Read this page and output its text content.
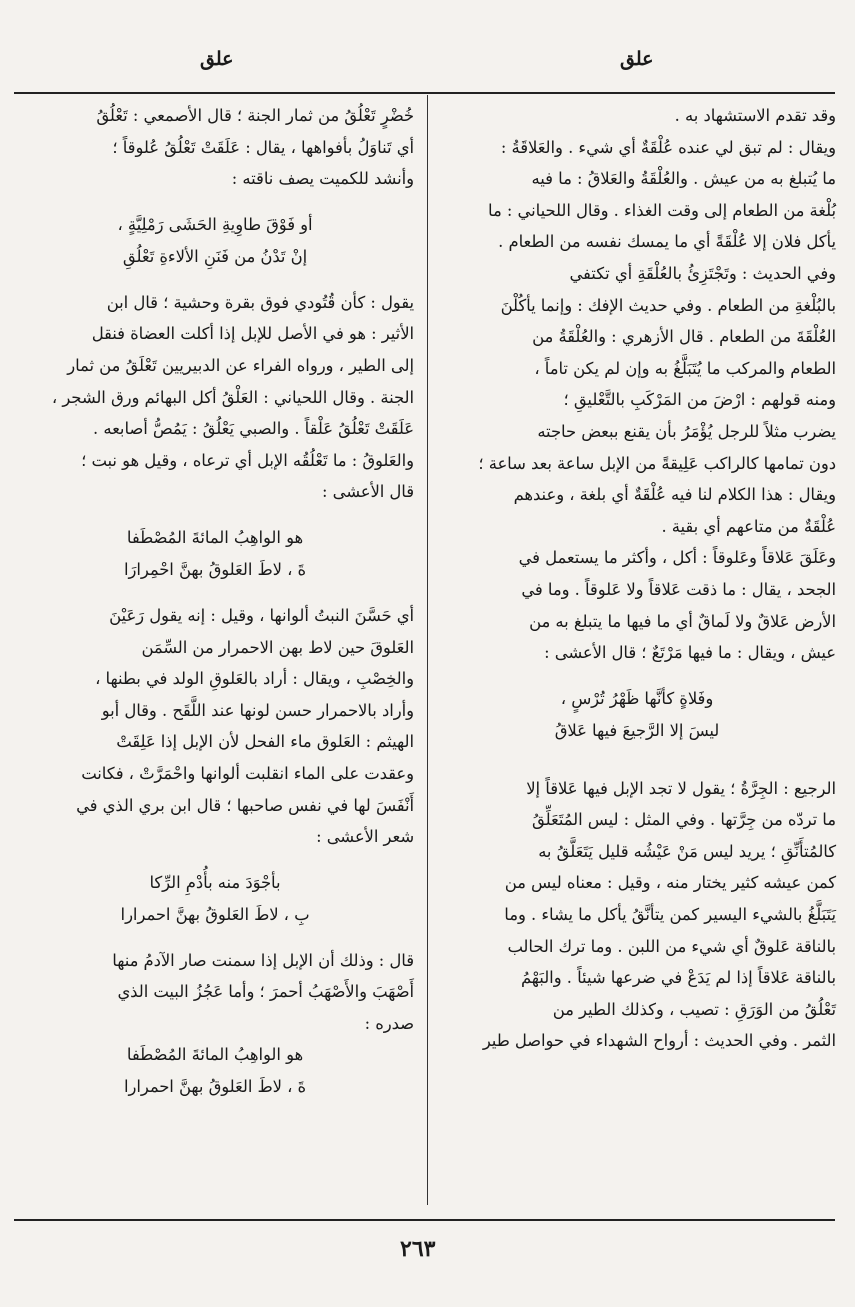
علق	علق

وقد تقدم الاستشهاد به .

ويقال : لم تبق لي عنده عُلْقَةٌ أي شيء . والعَلاقَةُ :

ما يُتبلغ به من عيش . والعُلْقَةُ والعَلاقُ : ما فيه

بُلْغة من الطعام إلى وقت الغذاء . وقال اللحياني : ما

يأكل فلان إلا عُلْقَةً أي ما يمسك نفسه من الطعام .

وفي الحديث : وتَجْتَزِئُ بالعُلْقَةِ أي تكتفي

بالبُلْغةِ من الطعام . وفي حديث الإفك : وإنما يأكُلْنَ

العُلْقَةَ من الطعام . قال الأزهري : والعُلْقَةُ من

الطعام والمركب ما يُتَبَلَّغُ به وإن لم يكن تاماً ،

ومنه قولهم : ارْضَ من المَرْكَبِ بالتَّعْليقِ ؛

يضرب مثلاً للرجل يُؤْمَرُ بأن يقنع ببعض حاجته

دون تمامها كالراكب عَلِيقةً من الإبل ساعة بعد ساعة ؛

ويقال : هذا الكلام لنا فيه عُلْقَةٌ أي بلغة ، وعندهم

عُلْقَةٌ من متاعهم أي بقية .

وعَلَقَ عَلاقاً وعَلوقاً : أكل ، وأكثر ما يستعمل في

الجحد ، يقال : ما ذقت عَلاقاً ولا عَلوقاً . وما في

الأرض عَلاقٌ ولا لَماقٌ أي ما فيها ما يتبلغ به من

عيش ، ويقال : ما فيها مَرْتَعٌ ؛ قال الأعشى :

وفَلاةٍ كأنَّها ظَهْرُ تُرْسٍ ،

ليسَ إلا الرَّجيعَ فيها عَلاقُ

الرجيع : الجِرَّةُ ؛ يقول لا تجد الإبل فيها عَلاقاً إلا

ما تردّه من جِرَّتها . وفي المثل : ليس المُتَعَلِّقُ

كالمُتأَنِّقِ ؛ يريد ليس مَنْ عَيْشُه قليل يَتَعَلَّقُ به

كمن عيشه كثير يختار منه ، وقيل : معناه ليس من

يَتَبَلَّغُ بالشيء اليسير كمن يتأنَّقُ يأكل ما يشاء . وما

بالناقة عَلوقٌ أي شيء من اللبن . وما ترك الحالب

بالناقة عَلاقاً إذا لم يَدَعْ في ضرعها شيئاً . والبَهْمُ

تَعْلُقُ من الوَرَقِ : تصيب ، وكذلك الطير من

الثمر . وفي الحديث : أرواح الشهداء في حواصل طير

خُضْرٍ تَعْلُقُ من ثمار الجنة ؛ قال الأصمعي : تَعْلُقُ

أي تَناوَلُ بأفواهها ، يقال : عَلَقَتْ تَعْلُقُ عُلوقاً ؛

وأنشد للكميت يصف ناقته :

أو فَوْقَ طاوِيةِ الحَشَى رَمْلِيَّةٍ ،

إنْ تَدْنُ من فَنَنِ الألاءةِ تَعْلُقِ

يقول : كأن قُتُودي فوق بقرة وحشية ؛ قال ابن

الأثير : هو في الأصل للإبل إذا أكلت العضاة فنقل

إلى الطير ، ورواه الفراء عن الدبيريين تَعْلَقُ من ثمار

الجنة . وقال اللحياني : العَلْقُ أكل البهائم ورق الشجر ،

عَلَقَتْ تَعْلُقُ عَلْقاً . والصبي يَعْلُقُ : يَمُصُّ أصابعه .

والعَلوقُ : ما تَعْلُقُه الإبل أي ترعاه ، وقيل هو نبت ؛

قال الأعشى :

هو الواهِبُ المائةَ المُصْطَفا

ةَ ، لاطَ العَلوقُ بهنَّ احْمِرارَا

أي حَسَّنَ النبتُ ألوانها ، وقيل : إنه يقول رَعَيْنَ

العَلوقَ حين لاط بهن الاحمرار من السِّمَن

والخِصْبِ ، ويقال : أراد بالعَلوقِ الولد في بطنها ،

وأراد بالاحمرار حسن لونها عند اللَّقَح . وقال أبو

الهيثم : العَلوق ماء الفحل لأن الإبل إذا عَلِقَتْ

وعقدت على الماء انقلبت ألوانها واحْمَرَّتْ ، فكانت

أَنْفَسَ لها في نفس صاحبها ؛ قال ابن بري الذي في

شعر الأعشى :

بأجْوَدَ منه بأُدْمِ الرِّكا

بِ ، لاطَ العَلوقُ بهنَّ احمرارا

قال : وذلك أن الإبل إذا سمنت صار الآدمُ منها

أَصْهَبَ والأَصْهَبُ أحمرَ ؛ وأما عَجُزُ البيت الذي

صدره :

هو الواهِبُ المائةَ المُصْطَفا

ةَ ، لاطَ العَلوقُ بهنَّ احمرارا

٢٦٣
